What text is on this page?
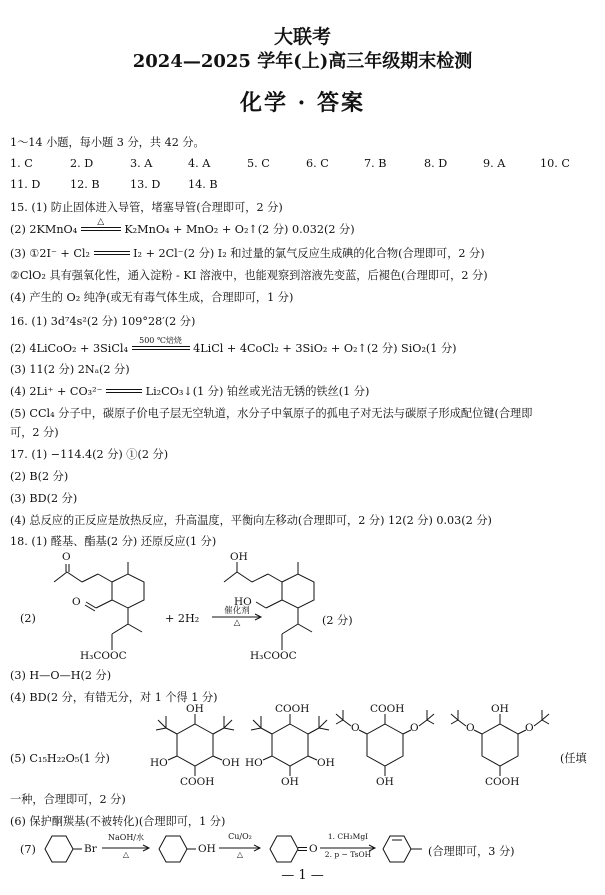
大联考
2024—2025 学年(上)高三年级期末检测
化学 · 答案
1～14 小题，每小题 3 分，共 42 分。
1. C	2. D	3. A	4. A	5. C	6. C	7. B	8. D	9. A	10. C
11. D	12. B	13. D 14. B
15. (1) 防止固体进入导管，堵塞导管(合理即可，2 分)
(2) 2KMnO₄
△
K₂MnO₄ + MnO₂ + O₂↑(2 分) 0.032(2 分)
(3) ①2I⁻ + Cl₂	I₂ + 2Cl⁻(2 分) I₂ 和过量的氯气反应生成碘的化合物(合理即可，2 分)
②ClO₂ 具有强氧化性，通入淀粉 - KI 溶液中，也能观察到溶液先变蓝，后褪色(合理即可，2 分)
(4) 产生的 O₂ 纯净(或无有毒气体生成，合理即可，1 分)
16. (1) 3d⁷4s²(2 分) 109°28′(2 分)
(2) 4LiCoO₂ + 3SiCl₄
500 ℃焙烧
4LiCl + 4CoCl₂ + 3SiO₂ + O₂↑(2 分) SiO₂(1 分)
(3) 11(2 分) 2Nₐ(2 分)
(4) 2Li⁺ + CO₃²⁻	Li₂CO₃↓(1 分) 铂丝或光洁无锈的铁丝(1 分)
(5) CCl₄ 分子中，碳原子价电子层无空轨道，水分子中氧原子的孤电子对无法与碳原子形成配位键(合理即
可，2 分)
17. (1) −114.4(2 分) ①(2 分)
(2) B(2 分)
(3) BD(2 分)
(4) 总反应的正反应是放热反应，升高温度，平衡向左移动(合理即可，2 分) 12(2 分) 0.03(2 分)
18. (1) 醛基、酯基(2 分) 还原反应(1 分)
(2)
O
O
H₃COOC
+ 2H₂
催化剂
△
OH
HO
H₃COOC
(2 分)
(3) H—O—H(2 分)
(4) BD(2 分，有错无分，对 1 个得 1 分)
(5) C₁₅H₂₂O₅(1 分)
OH
HO	OH
COOH
COOH
HO	OH
OH
COOH
O
O
OH
OH
O
O
COOH
(任填
一种，合理即可，2 分)
(6) 保护酮羰基(不被转化)(合理即可，1 分)
(7)	Br
NaOH/水
△	OH
Cu/O₂
△	O
1. CH₃MgI
2. p − TsOH	(合理即可，3 分)
— 1 —
